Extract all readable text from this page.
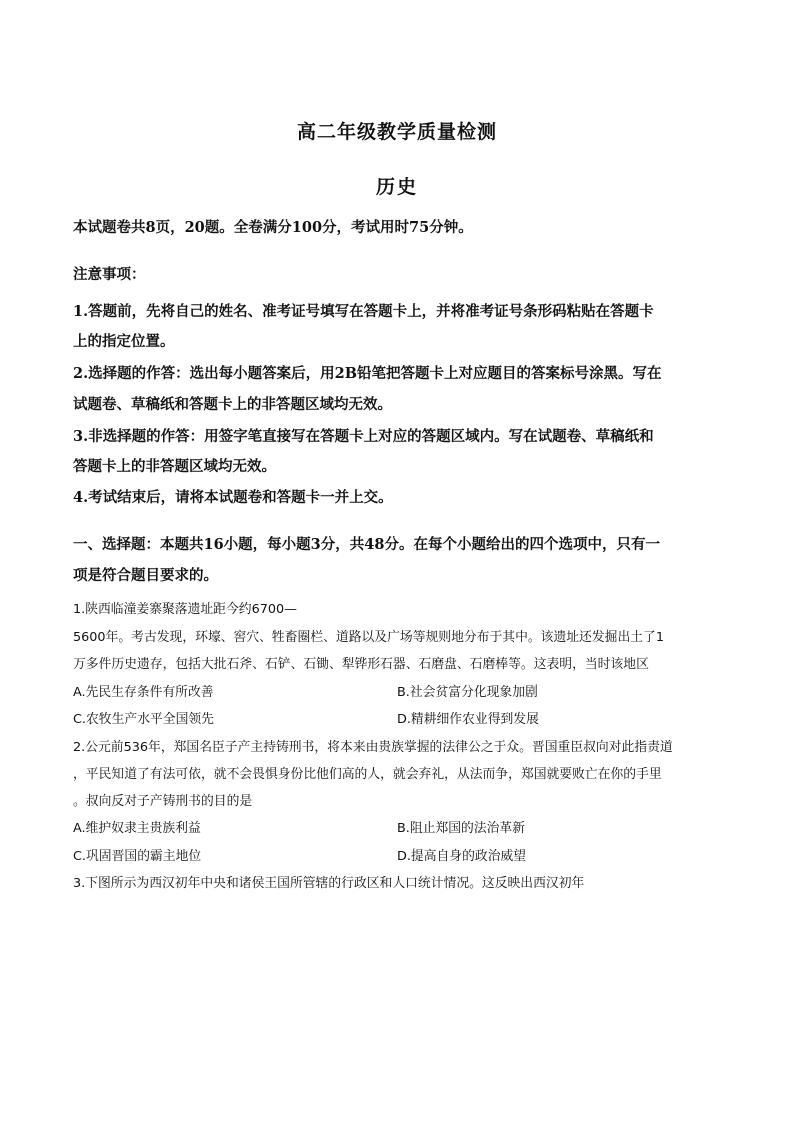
高二年级教学质量检测
历史
本试题卷共8页，20题。全卷满分100分，考试用时75分钟。
注意事项：
1.答题前，先将自己的姓名、准考证号填写在答题卡上，并将准考证号条形码粘贴在答题卡
上的指定位置。
2.选择题的作答：选出每小题答案后，用2B铅笔把答题卡上对应题目的答案标号涂黑。写在
试题卷、草稿纸和答题卡上的非答题区域均无效。
3.非选择题的作答：用签字笔直接写在答题卡上对应的答题区域内。写在试题卷、草稿纸和
答题卡上的非答题区域均无效。
4.考试结束后，请将本试题卷和答题卡一并上交。
一、选择题：本题共16小题，每小题3分，共48分。在每个小题给出的四个选项中，只有一
项是符合题目要求的。
1.陕西临潼姜寨聚落遗址距今约6700—
5600年。考古发现，环壕、窖穴、牲畜圈栏、道路以及广场等规则地分布于其中。该遗址还发掘出土了1
万多件历史遗存，包括大批石斧、石铲、石锄、犁铧形石器、石磨盘、石磨棒等。这表明，当时该地区
A.先民生存条件有所改善	B.社会贫富分化现象加剧
C.农牧生产水平全国领先	D.精耕细作农业得到发展
2.公元前536年，郑国名臣子产主持铸刑书，将本来由贵族掌握的法律公之于众。晋国重臣叔向对此指责道
，平民知道了有法可依，就不会畏惧身份比他们高的人，就会弃礼，从法而争，郑国就要败亡在你的手里
。叔向反对子产铸刑书的目的是
A.维护奴隶主贵族利益	B.阻止郑国的法治革新
C.巩固晋国的霸主地位	D.提高自身的政治威望
3.下图所示为西汉初年中央和诸侯王国所管辖的行政区和人口统计情况。这反映出西汉初年
